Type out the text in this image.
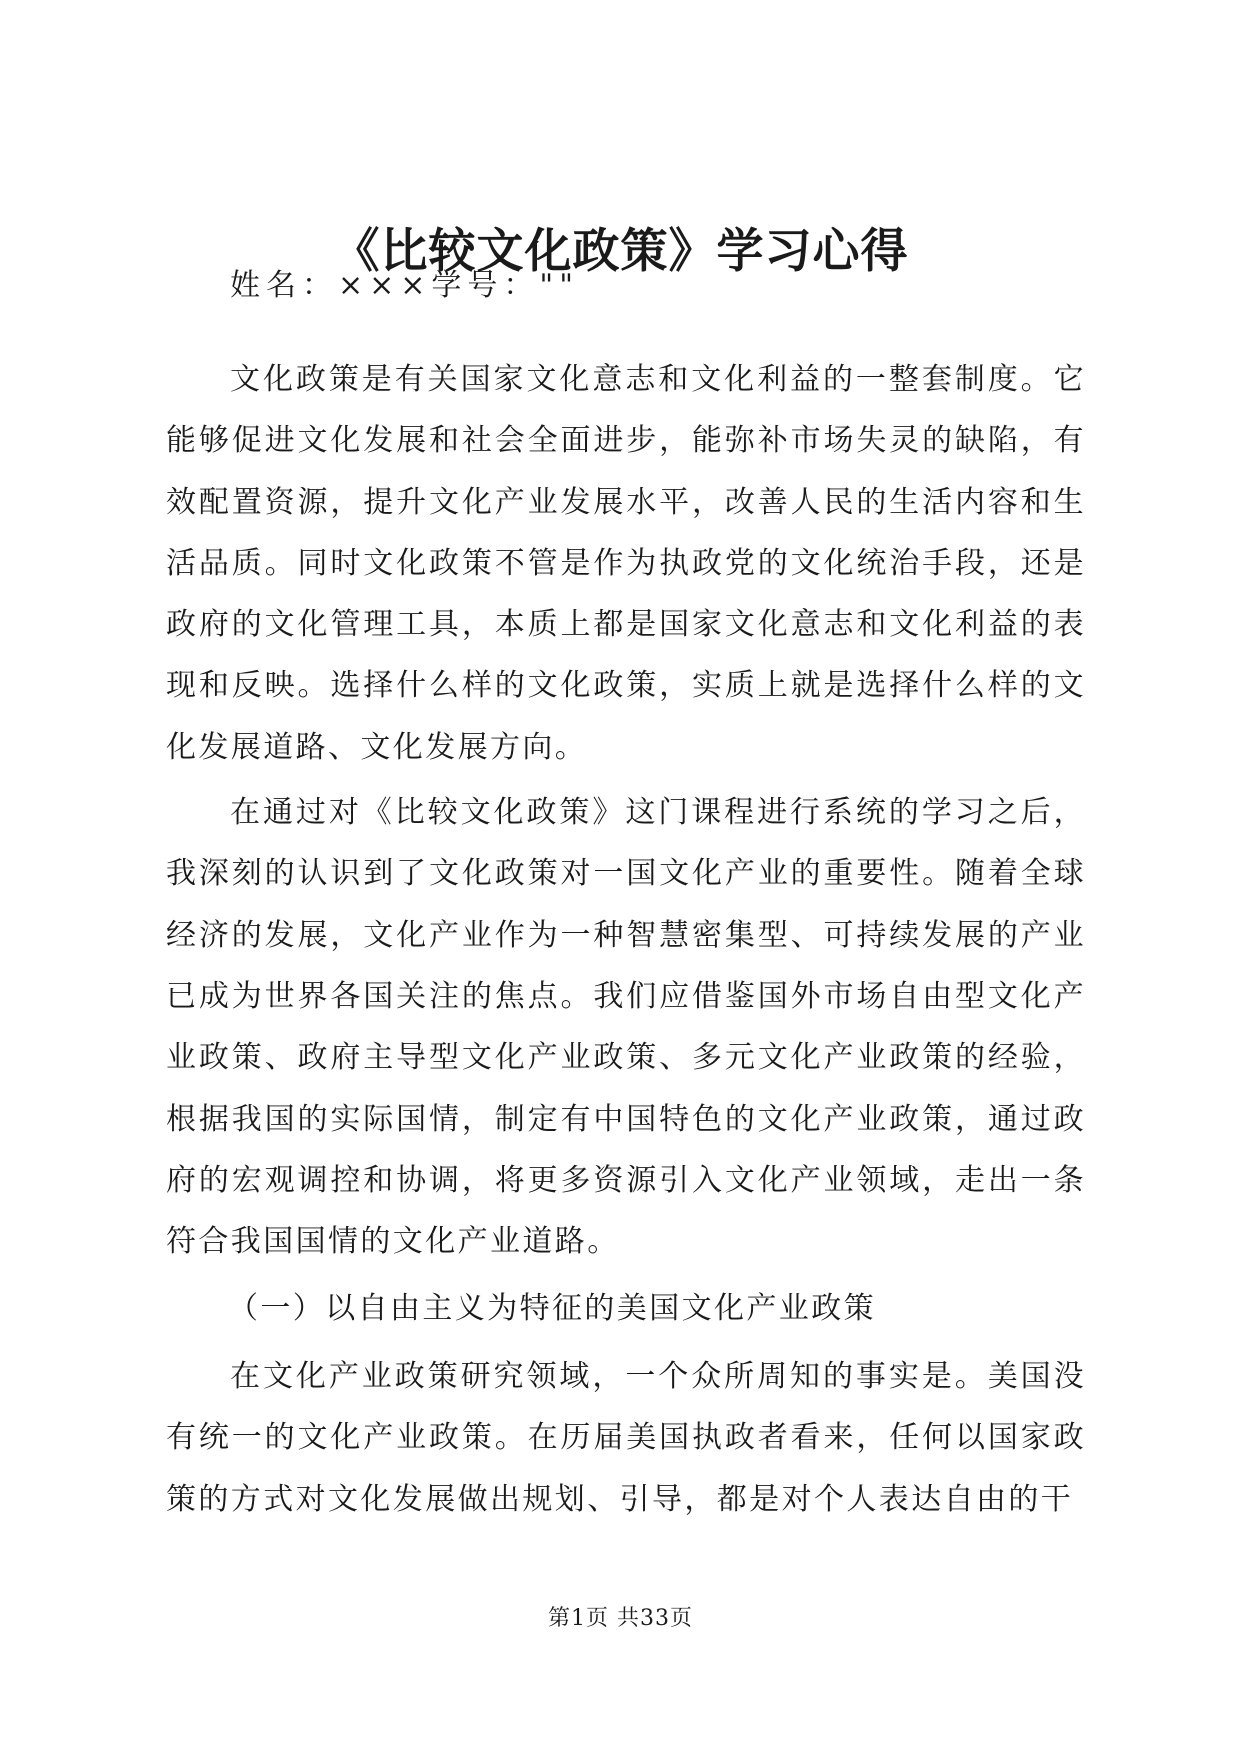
《比较文化政策》学习心得
姓名：×××学号：""

文化政策是有关国家文化意志和文化利益的一整套制度。它能够促进文化发展和社会全面进步，能弥补市场失灵的缺陷，有效配置资源，提升文化产业发展水平，改善人民的生活内容和生活品质。同时文化政策不管是作为执政党的文化统治手段，还是政府的文化管理工具，本质上都是国家文化意志和文化利益的表现和反映。选择什么样的文化政策，实质上就是选择什么样的文化发展道路、文化发展方向。

在通过对《比较文化政策》这门课程进行系统的学习之后，我深刻的认识到了文化政策对一国文化产业的重要性。随着全球经济的发展，文化产业作为一种智慧密集型、可持续发展的产业已成为世界各国关注的焦点。我们应借鉴国外市场自由型文化产业政策、政府主导型文化产业政策、多元文化产业政策的经验，根据我国的实际国情，制定有中国特色的文化产业政策，通过政府的宏观调控和协调，将更多资源引入文化产业领域，走出一条符合我国国情的文化产业道路。

（一）以自由主义为特征的美国文化产业政策

在文化产业政策研究领域，一个众所周知的事实是。美国没有统一的文化产业政策。在历届美国执政者看来，任何以国家政策的方式对文化发展做出规划、引导，都是对个人表达自由的干

第1页 共33页
